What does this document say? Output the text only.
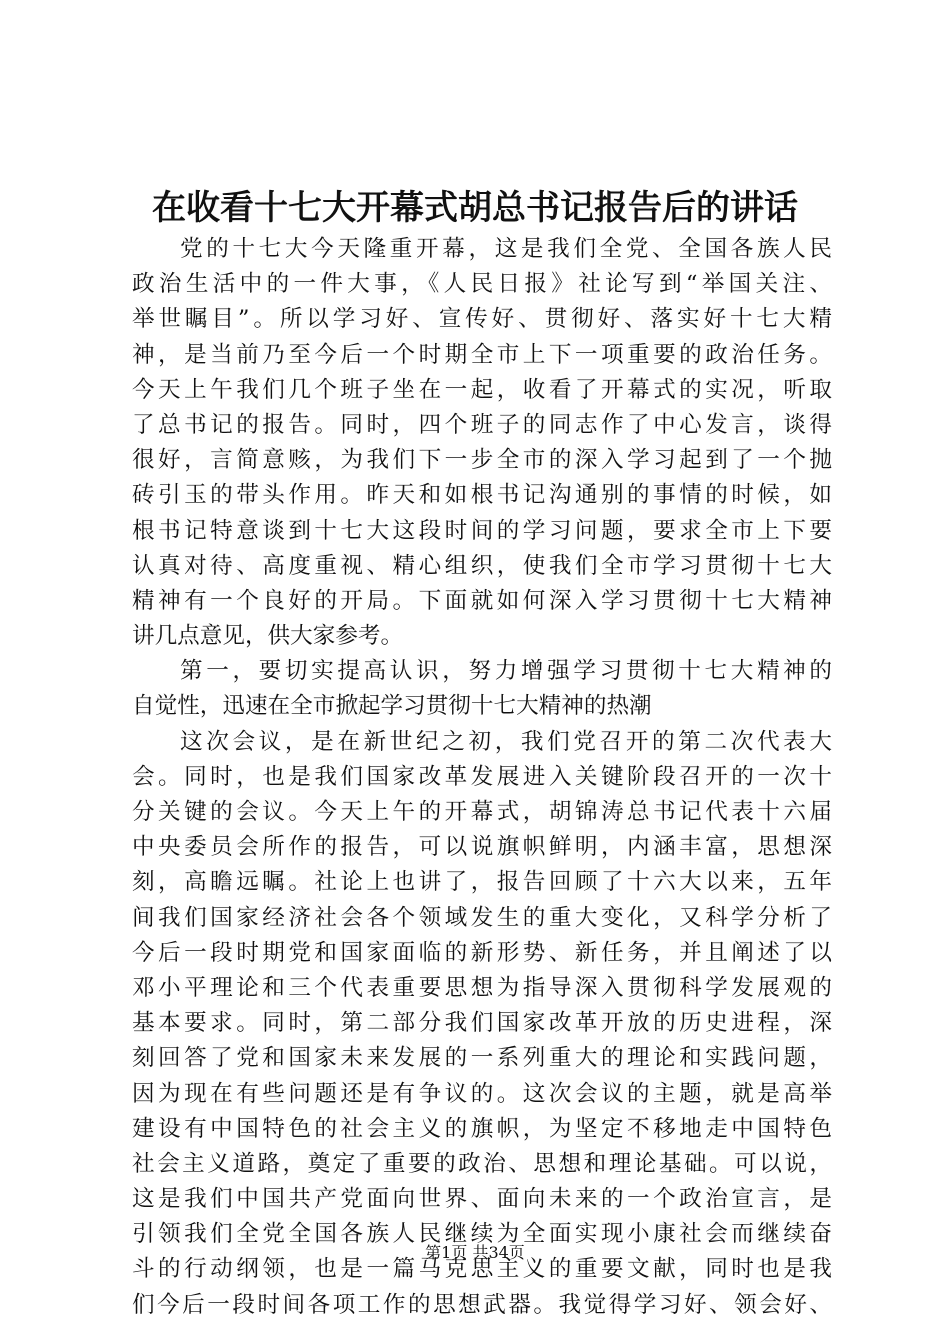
在收看十七大开幕式胡总书记报告后的讲话
党的十七大今天隆重开幕，这是我们全党、全国各族人民
政治生活中的一件大事，《人民日报》社论写到“举国关注、
举世瞩目”。所以学习好、宣传好、贯彻好、落实好十七大精
神，是当前乃至今后一个时期全市上下一项重要的政治任务。
今天上午我们几个班子坐在一起，收看了开幕式的实况，听取
了总书记的报告。同时，四个班子的同志作了中心发言，谈得
很好，言简意赅，为我们下一步全市的深入学习起到了一个抛
砖引玉的带头作用。昨天和如根书记沟通别的事情的时候，如
根书记特意谈到十七大这段时间的学习问题，要求全市上下要
认真对待、高度重视、精心组织，使我们全市学习贯彻十七大
精神有一个良好的开局。下面就如何深入学习贯彻十七大精神
讲几点意见，供大家参考。
第一，要切实提高认识，努力增强学习贯彻十七大精神的
自觉性，迅速在全市掀起学习贯彻十七大精神的热潮
这次会议，是在新世纪之初，我们党召开的第二次代表大
会。同时，也是我们国家改革发展进入关键阶段召开的一次十
分关键的会议。今天上午的开幕式，胡锦涛总书记代表十六届
中央委员会所作的报告，可以说旗帜鲜明，内涵丰富，思想深
刻，高瞻远瞩。社论上也讲了，报告回顾了十六大以来，五年
间我们国家经济社会各个领域发生的重大变化，又科学分析了
今后一段时期党和国家面临的新形势、新任务，并且阐述了以
邓小平理论和三个代表重要思想为指导深入贯彻科学发展观的
基本要求。同时，第二部分我们国家改革开放的历史进程，深
刻回答了党和国家未来发展的一系列重大的理论和实践问题，
因为现在有些问题还是有争议的。这次会议的主题，就是高举
建设有中国特色的社会主义的旗帜，为坚定不移地走中国特色
社会主义道路，奠定了重要的政治、思想和理论基础。可以说，
这是我们中国共产党面向世界、面向未来的一个政治宣言，是
引领我们全党全国各族人民继续为全面实现小康社会而继续奋
斗的行动纲领，也是一篇马克思主义的重要文献，同时也是我
们今后一段时间各项工作的思想武器。我觉得学习好、领会好、
第1页 共34页
